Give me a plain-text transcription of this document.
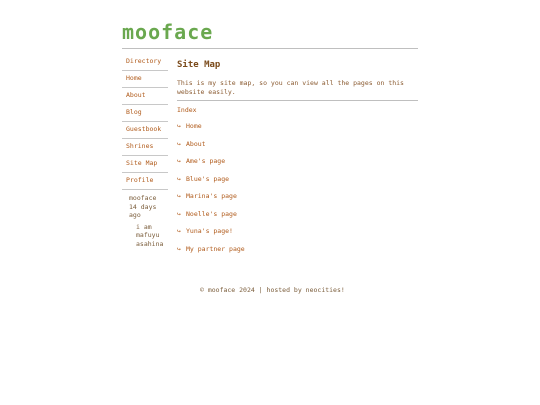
mooface
Directory
Home
About
Blog
Guestbook
Shrines
Site Map
Profile
mooface 14 days ago
i am mafuyu asahina
Site Map

This is my site map, so you can view all the pages on this website easily.

Index
↪ Home
↪ About
↪ Ame's page
↪ Blue's page
↪ Marina's page
↪ Noelle's page
↪ Yuna's page!
↪ My partner page
© mooface 2024 | hosted by neocities!
